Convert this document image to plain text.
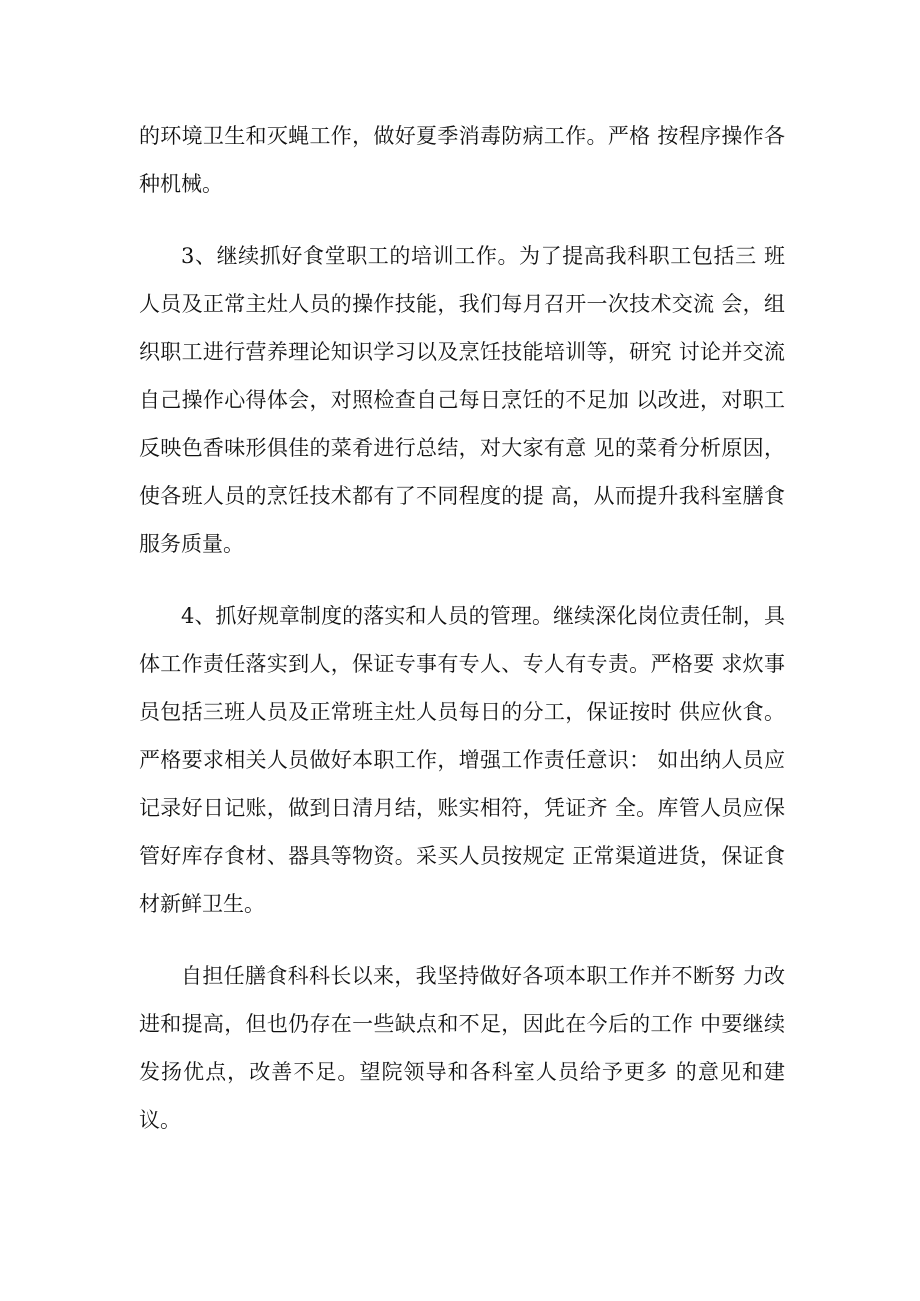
的环境卫生和灭蝇工作，做好夏季消毒防病工作。严格 按程序操作各种机械。

3、继续抓好食堂职工的培训工作。为了提高我科职工包括三 班人员及正常主灶人员的操作技能，我们每月召开一次技术交流 会，组织职工进行营养理论知识学习以及烹饪技能培训等，研究 讨论并交流自己操作心得体会，对照检查自己每日烹饪的不足加 以改进，对职工反映色香味形俱佳的菜肴进行总结，对大家有意 见的菜肴分析原因，使各班人员的烹饪技术都有了不同程度的提 高，从而提升我科室膳食服务质量。

4、抓好规章制度的落实和人员的管理。继续深化岗位责任制，具体工作责任落实到人，保证专事有专人、专人有专责。严格要 求炊事员包括三班人员及正常班主灶人员每日的分工，保证按时 供应伙食。严格要求相关人员做好本职工作，增强工作责任意识： 如出纳人员应记录好日记账，做到日清月结，账实相符，凭证齐 全。库管人员应保管好库存食材、器具等物资。采买人员按规定 正常渠道进货，保证食材新鲜卫生。

自担任膳食科科长以来，我坚持做好各项本职工作并不断努 力改进和提高，但也仍存在一些缺点和不足，因此在今后的工作 中要继续发扬优点，改善不足。望院领导和各科室人员给予更多 的意见和建议。
